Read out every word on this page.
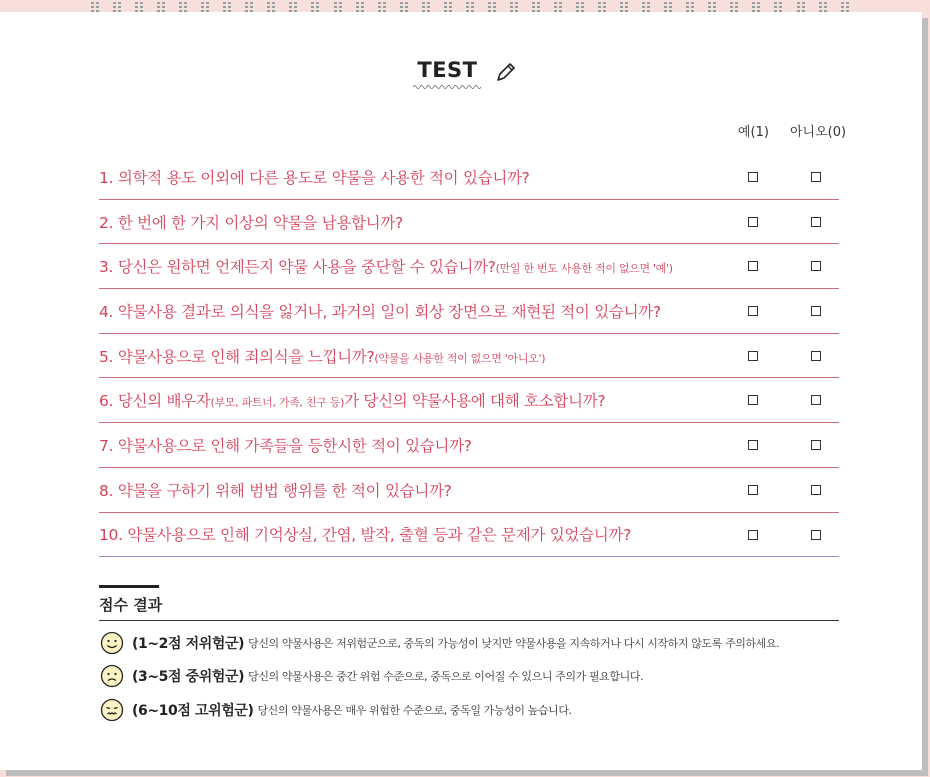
TEST

예(1) 아니오(0)
1. 의학적 용도 이외에 다른 용도로 약물을 사용한 적이 있습니까?
2. 한 번에 한 가지 이상의 약물을 남용합니까?
3. 당신은 원하면 언제든지 약물 사용을 중단할 수 있습니까?(만일 한 번도 사용한 적이 없으면 '예')
4. 약물사용 결과로 의식을 잃거나, 과거의 일이 회상 장면으로 재현된 적이 있습니까?
5. 약물사용으로 인해 죄의식을 느낍니까?(약물을 사용한 적이 없으면 '아니오')
6. 당신의 배우자(부모, 파트너, 가족, 친구 등)가 당신의 약물사용에 대해 호소합니까?
7. 약물사용으로 인해 가족들을 등한시한 적이 있습니까?
8. 약물을 구하기 위해 범법 행위를 한 적이 있습니까?
10. 약물사용으로 인해 기억상실, 간염, 발작, 출혈 등과 같은 문제가 있었습니까?
점수 결과
(1~2점 저위험군) 당신의 약물사용은 저위험군으로, 중독의 가능성이 낮지만 약물사용을 지속하거나 다시 시작하지 않도록 주의하세요.
(3~5점 중위험군) 당신의 약물사용은 중간 위험 수준으로, 중독으로 이어질 수 있으니 주의가 필요합니다.
(6~10점 고위험군) 당신의 약물사용은 매우 위험한 수준으로, 중독일 가능성이 높습니다.
